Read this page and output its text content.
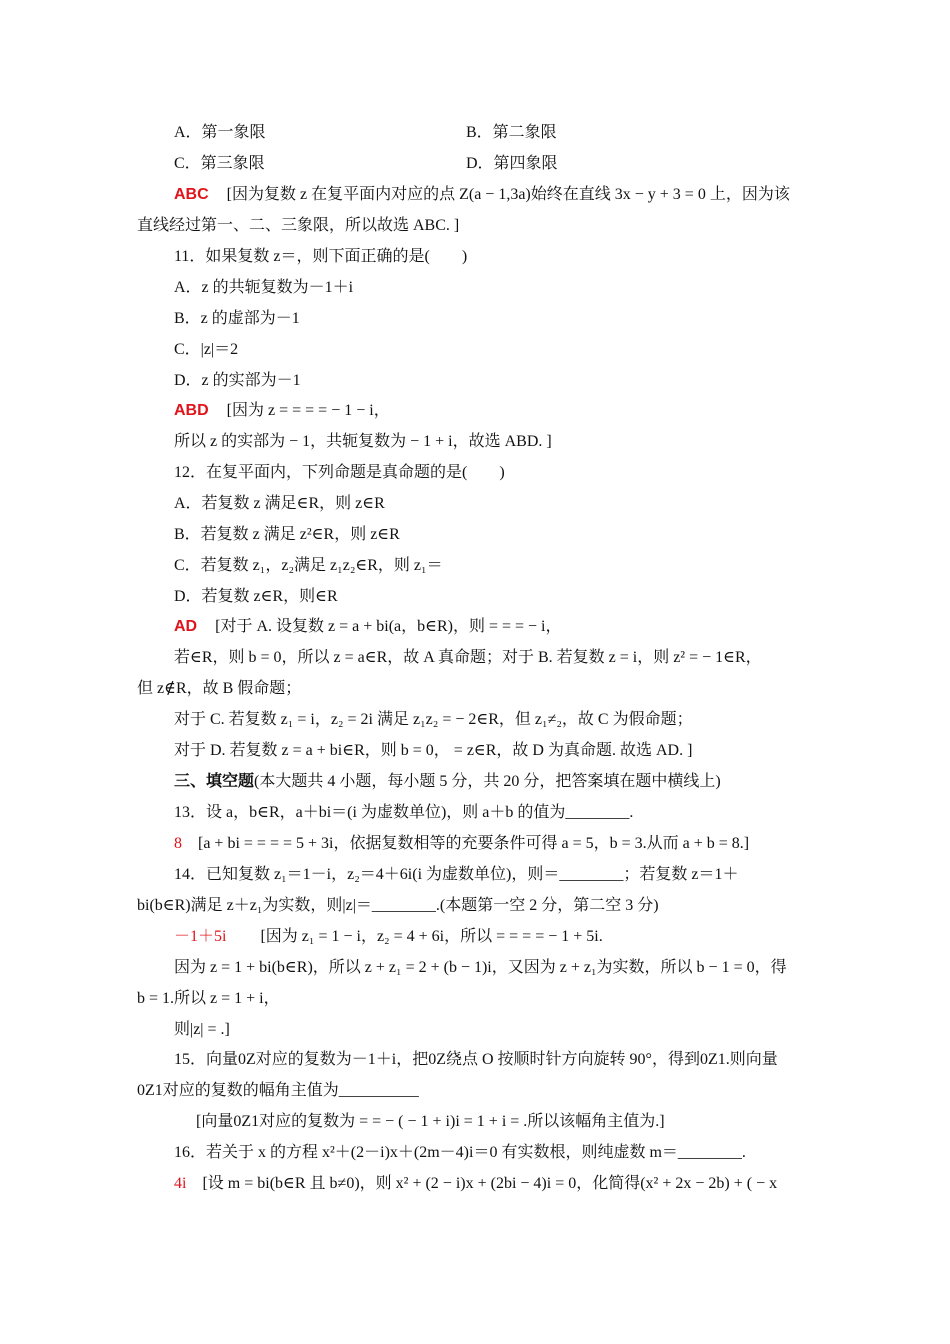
A．第一象限	B．第二象限
C．第三象限	D．第四象限
ABC [因为复数 z 在复平面内对应的点 Z(a − 1,3a)始终在直线 3x − y + 3 = 0 上，因为该
直线经过第一、二、三象限，所以故选 ABC. ]
11．如果复数 z＝，则下面正确的是(　　)
A．z 的共轭复数为－1＋i
B．z 的虚部为－1
C．|z|＝2
D．z 的实部为－1
ABD [因为 z = = = = − 1 − i，
所以 z 的实部为 − 1，共轭复数为 − 1 + i，故选 ABD. ]
12．在复平面内，下列命题是真命题的是(　　)
A．若复数 z 满足∈R，则 z∈R
B．若复数 z 满足 z²∈R，则 z∈R
C．若复数 z₁，z₂满足 z₁z₂∈R，则 z₁＝
D．若复数 z∈R，则∈R
AD [对于 A. 设复数 z = a + bi(a，b∈R)，则 = = = − i，
若∈R，则 b = 0，所以 z = a∈R，故 A 真命题；对于 B. 若复数 z = i，则 z² = − 1∈R，
但 z∉R，故 B 假命题；
对于 C. 若复数 z₁ = i，z₂ = 2i 满足 z₁z₂ = − 2∈R，但 z₁≠₂，故 C 为假命题；
对于 D. 若复数 z = a + bi∈R，则 b = 0， = z∈R，故 D 为真命题. 故选 AD. ]
三、填空题(本大题共 4 小题，每小题 5 分，共 20 分，把答案填在题中横线上)
13．设 a，b∈R，a＋bi＝(i 为虚数单位)，则 a＋b 的值为________.
8 [a + bi = = = = 5 + 3i，依据复数相等的充要条件可得 a = 5，b = 3.从而 a + b = 8.]
14．已知复数 z₁＝1－i，z₂＝4＋6i(i 为虚数单位)，则＝________；若复数 z＝1＋
bi(b∈R)满足 z＋z₁为实数，则|z|＝________.(本题第一空 2 分，第二空 3 分)
－1＋5i [因为 z₁ = 1 − i，z₂ = 4 + 6i，所以 = = = = − 1 + 5i.
因为 z = 1 + bi(b∈R)，所以 z + z₁ = 2 + (b − 1)i，又因为 z + z₁为实数，所以 b − 1 = 0，得
b = 1.所以 z = 1 + i，
则|z| = .]
15．向量0Z对应的复数为－1＋i，把0Z绕点 O 按顺时针方向旋转 90°，得到0Z1.则向量
0Z1对应的复数的幅角主值为__________
[向量0Z1对应的复数为 = = − ( − 1 + i)i = 1 + i = .所以该幅角主值为.]
16．若关于 x 的方程 x²＋(2－i)x＋(2m－4)i＝0 有实数根，则纯虚数 m＝________.
4i [设 m = bi(b∈R 且 b≠0)，则 x² + (2 − i)x + (2bi − 4)i = 0，化简得(x² + 2x − 2b) + ( − x
